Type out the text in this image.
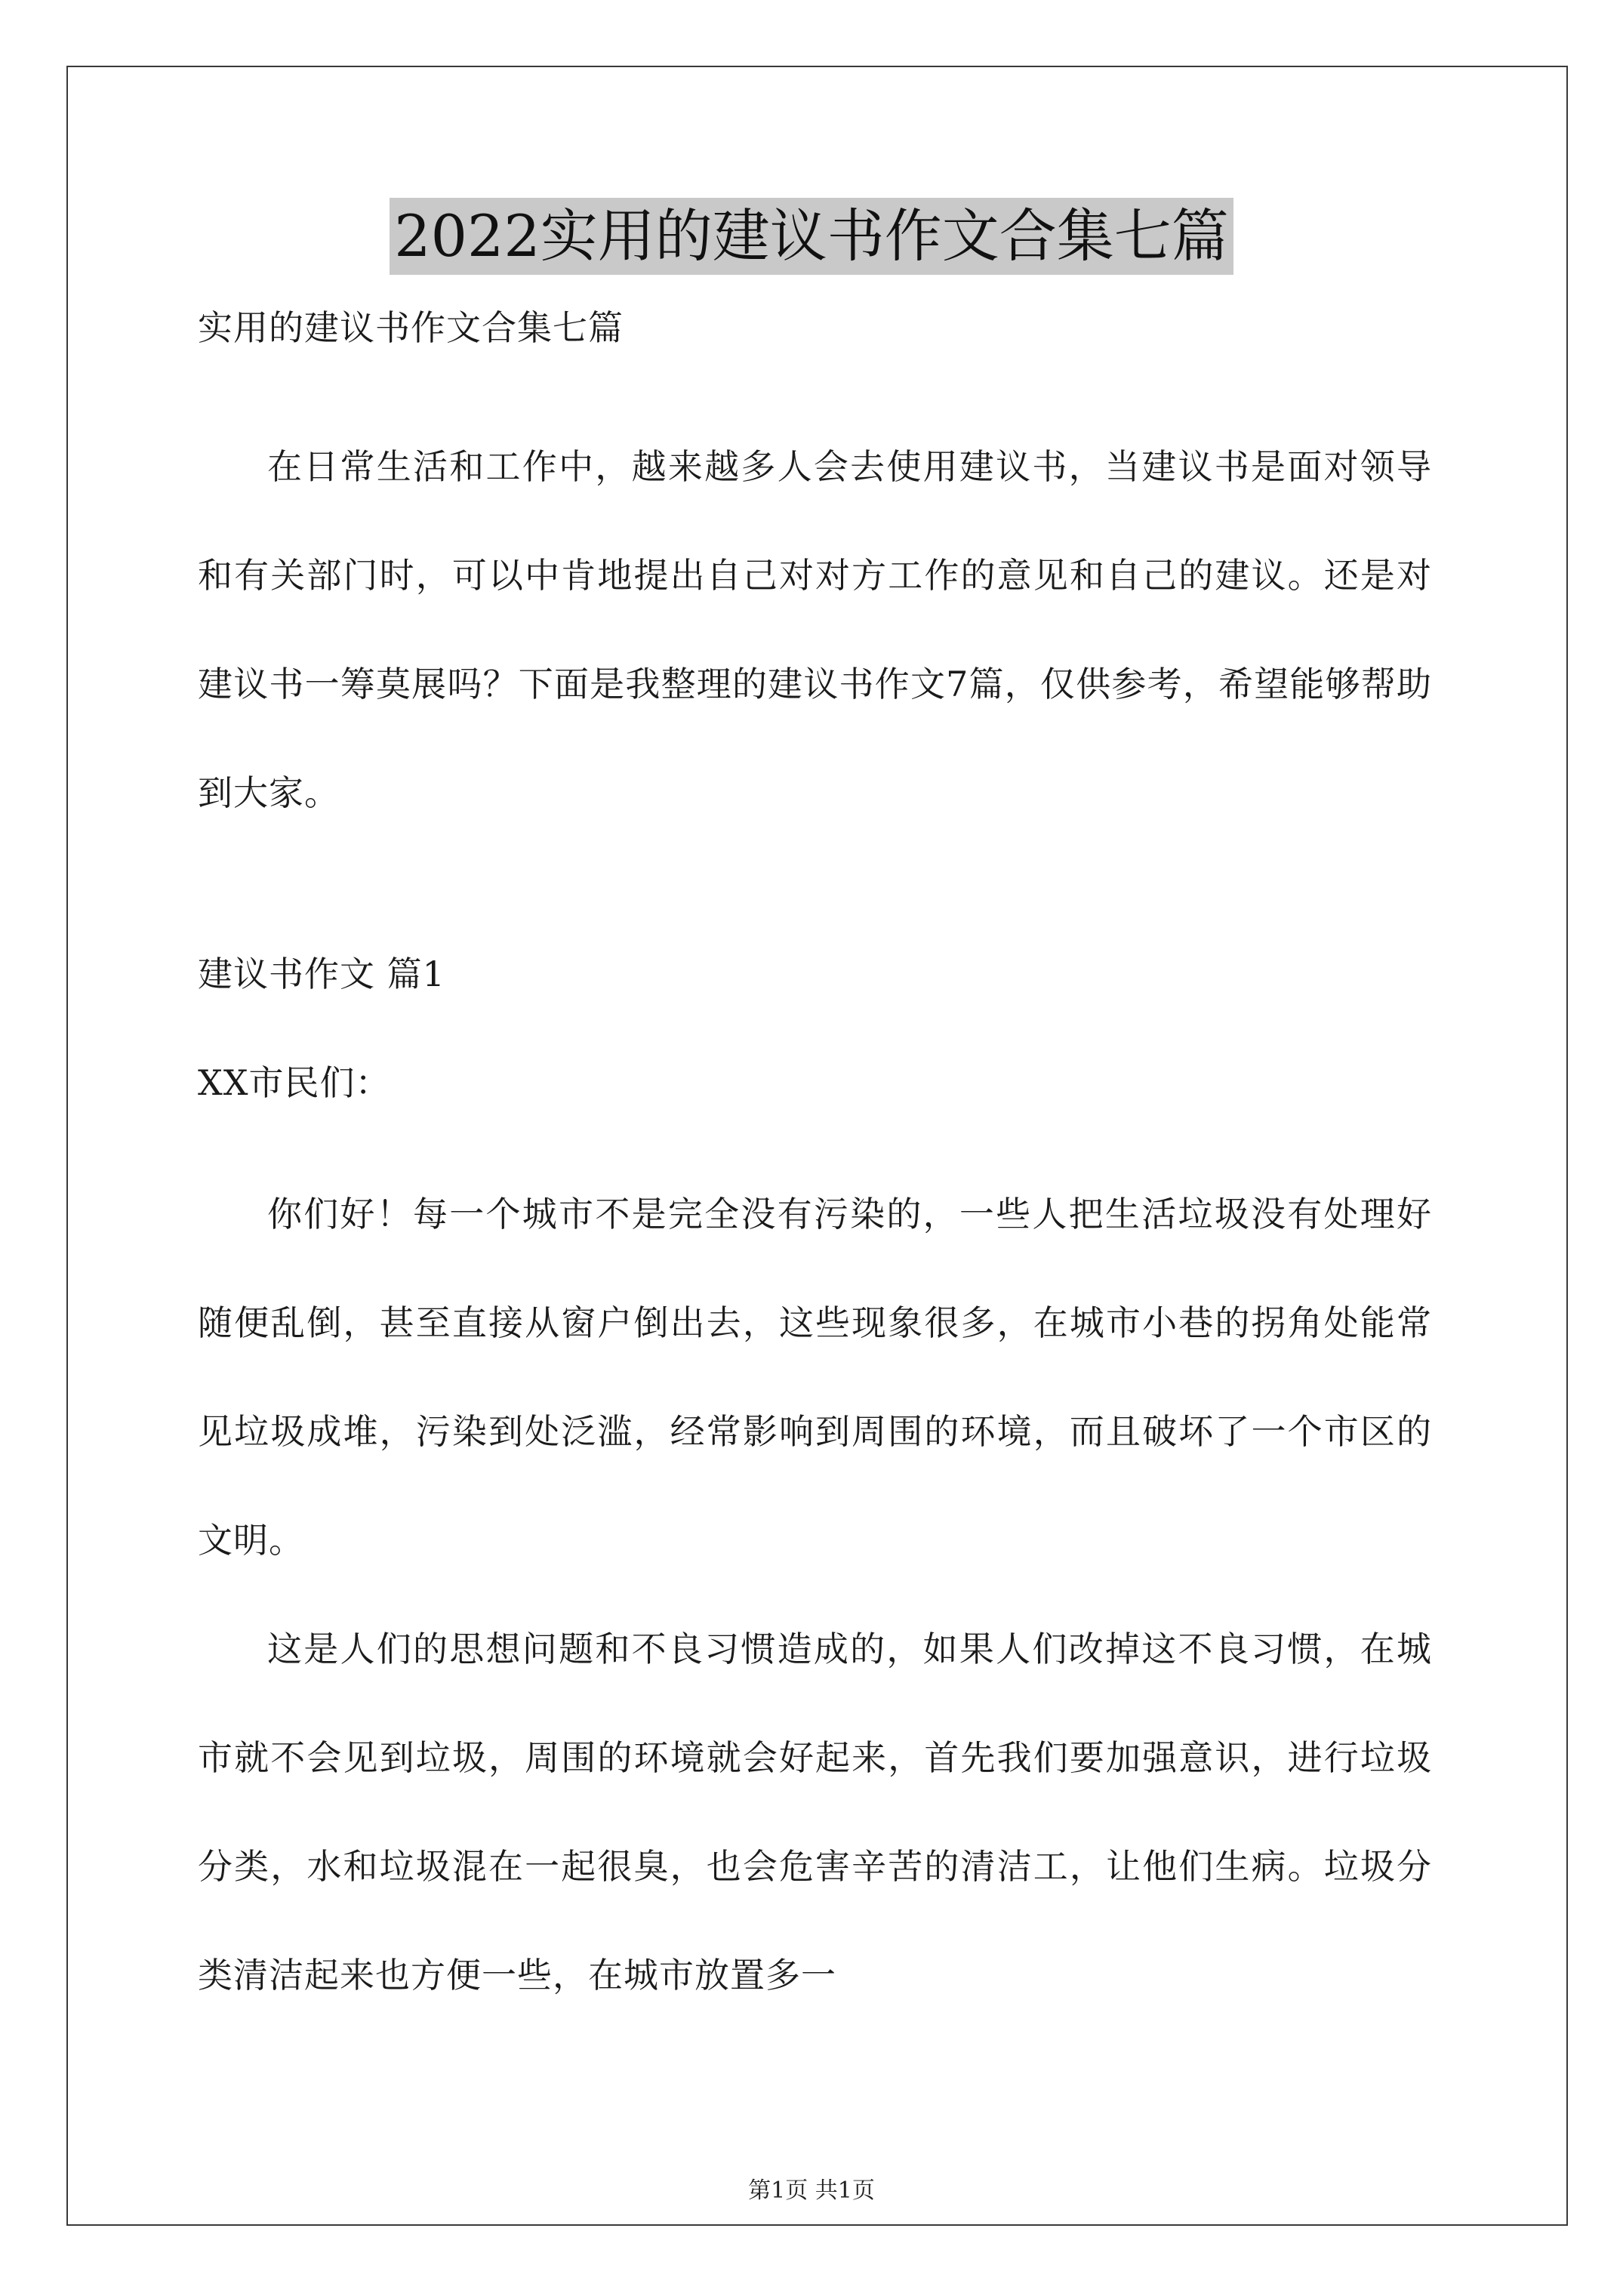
2022实用的建议书作文合集七篇

实用的建议书作文合集七篇

在日常生活和工作中，越来越多人会去使用建议书，当建议书是面对领导和有关部门时，可以中肯地提出自己对对方工作的意见和自己的建议。还是对建议书一筹莫展吗？下面是我整理的建议书作文7篇，仅供参考，希望能够帮助到大家。

建议书作文 篇1

XX市民们：

你们好！每一个城市不是完全没有污染的，一些人把生活垃圾没有处理好随便乱倒，甚至直接从窗户倒出去，这些现象很多，在城市小巷的拐角处能常见垃圾成堆，污染到处泛滥，经常影响到周围的环境，而且破坏了一个市区的文明。

这是人们的思想问题和不良习惯造成的，如果人们改掉这不良习惯，在城市就不会见到垃圾，周围的环境就会好起来，首先我们要加强意识，进行垃圾分类，水和垃圾混在一起很臭，也会危害辛苦的清洁工，让他们生病。垃圾分类清洁起来也方便一些，在城市放置多一

第1页 共1页
